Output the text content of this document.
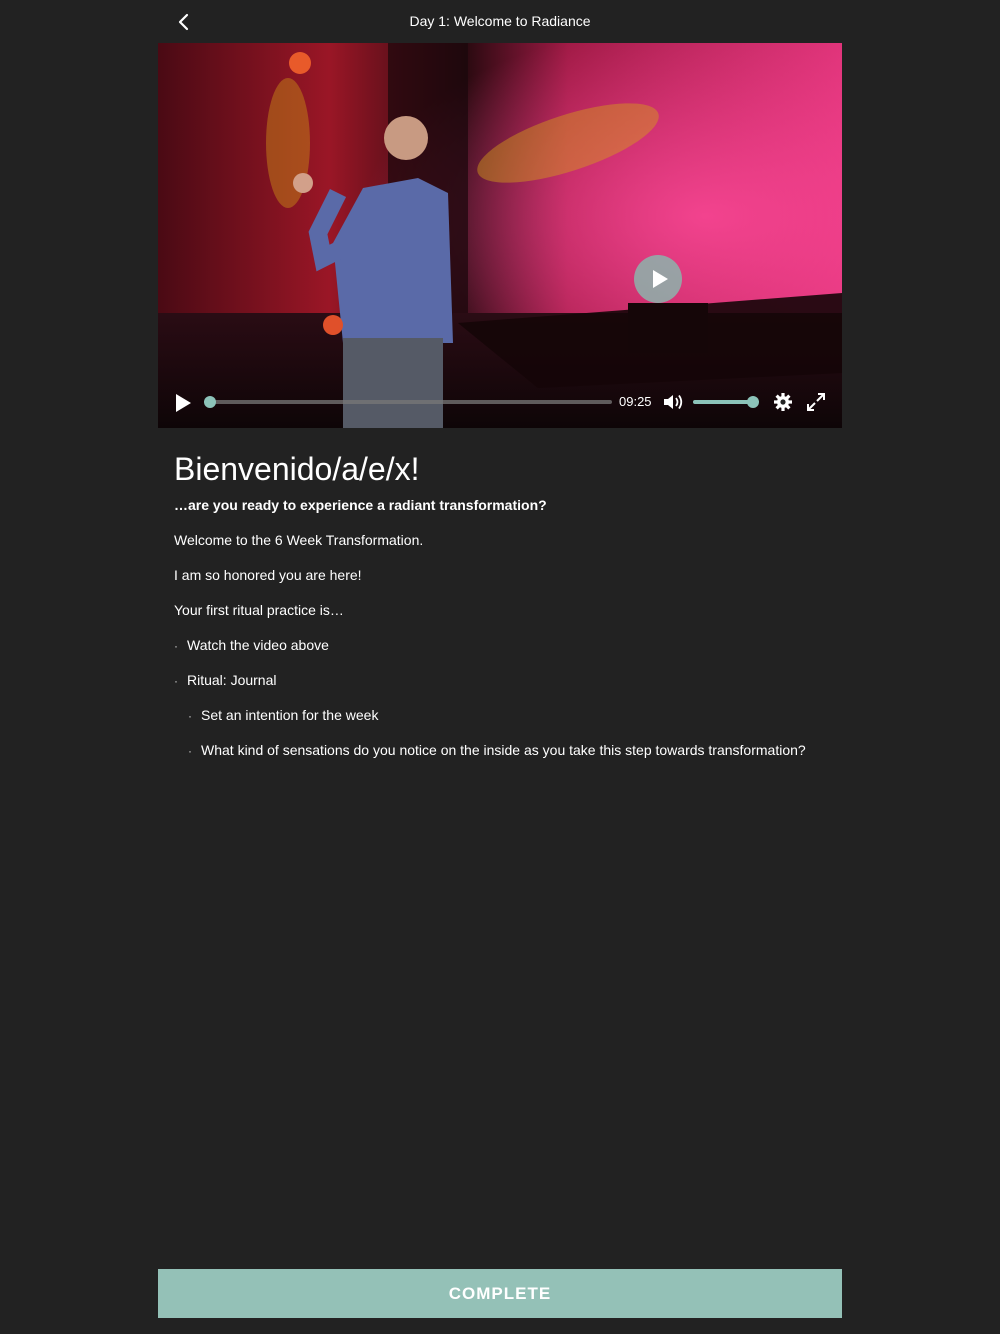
Day 1: Welcome to Radiance
09:25
Bienvenido/a/e/x!
…are you ready to experience a radiant transformation?
Welcome to the 6 Week Transformation.
I am so honored you are here!
Your first ritual practice is…
· Watch the video above
· Ritual: Journal
· Set an intention for the week
· What kind of sensations do you notice on the inside as you take this step towards transformation?
COMPLETE
